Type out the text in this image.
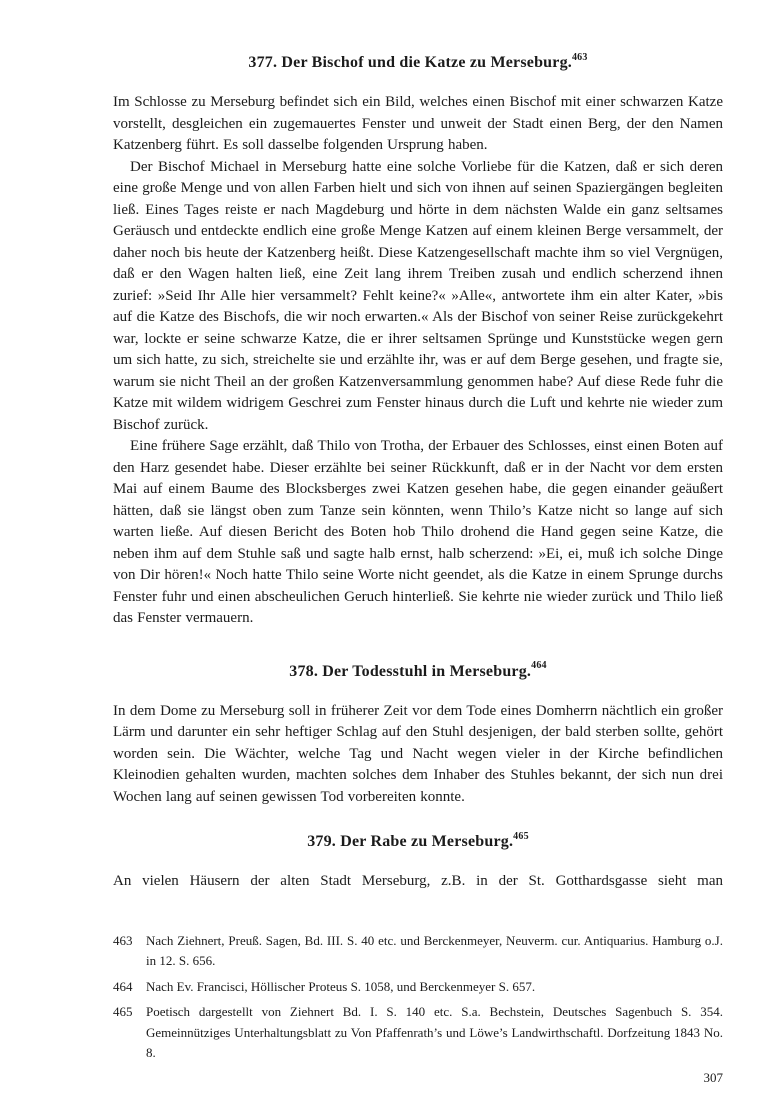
377. Der Bischof und die Katze zu Merseburg.$^{463}$

Im Schlosse zu Merseburg befindet sich ein Bild, welches einen Bischof mit einer schwarzen Katze vorstellt, desgleichen ein zugemauertes Fenster und unweit der Stadt einen Berg, der den Namen Katzenberg führt. Es soll dasselbe folgenden Ursprung haben.

Der Bischof Michael in Merseburg hatte eine solche Vorliebe für die Katzen, daß er sich deren eine große Menge und von allen Farben hielt und sich von ihnen auf seinen Spaziergängen begleiten ließ. Eines Tages reiste er nach Magdeburg und hörte in dem nächsten Walde ein ganz seltsames Geräusch und entdeckte endlich eine große Menge Katzen auf einem kleinen Berge versammelt, der daher noch bis heute der Katzenberg heißt. Diese Katzengesellschaft machte ihm so viel Vergnügen, daß er den Wagen halten ließ, eine Zeit lang ihrem Treiben zusah und endlich scherzend ihnen zurief: »Seid Ihr Alle hier versammelt? Fehlt keine?« »Alle«, antwortete ihm ein alter Kater, »bis auf die Katze des Bischofs, die wir noch erwarten.« Als der Bischof von seiner Reise zurückgekehrt war, lockte er seine schwarze Katze, die er ihrer seltsamen Sprünge und Kunststücke wegen gern um sich hatte, zu sich, streichelte sie und erzählte ihr, was er auf dem Berge gesehen, und fragte sie, warum sie nicht Theil an der großen Katzenversammlung genommen habe? Auf diese Rede fuhr die Katze mit wildem widrigem Geschrei zum Fenster hinaus durch die Luft und kehrte nie wieder zum Bischof zurück.

Eine frühere Sage erzählt, daß Thilo von Trotha, der Erbauer des Schlosses, einst einen Boten auf den Harz gesendet habe. Dieser erzählte bei seiner Rückkunft, daß er in der Nacht vor dem ersten Mai auf einem Baume des Blocksberges zwei Katzen gesehen habe, die gegen einander geäußert hätten, daß sie längst oben zum Tanze sein könnten, wenn Thilo’s Katze nicht so lange auf sich warten ließe. Auf diesen Bericht des Boten hob Thilo drohend die Hand gegen seine Katze, die neben ihm auf dem Stuhle saß und sagte halb ernst, halb scherzend: »Ei, ei, muß ich solche Dinge von Dir hören!« Noch hatte Thilo seine Worte nicht geendet, als die Katze in einem Sprunge durchs Fenster fuhr und einen abscheulichen Geruch hinterließ. Sie kehrte nie wieder zurück und Thilo ließ das Fenster vermauern.

378. Der Todesstuhl in Merseburg.$^{464}$

In dem Dome zu Merseburg soll in früherer Zeit vor dem Tode eines Domherrn nächtlich ein großer Lärm und darunter ein sehr heftiger Schlag auf den Stuhl desjenigen, der bald sterben sollte, gehört worden sein. Die Wächter, welche Tag und Nacht wegen vieler in der Kirche befindlichen Kleinodien gehalten wurden, machten solches dem Inhaber des Stuhles bekannt, der sich nun drei Wochen lang auf seinen gewissen Tod vorbereiten konnte.

379. Der Rabe zu Merseburg.$^{465}$

An vielen Häusern der alten Stadt Merseburg, z.B. in der St. Gotthardsgasse sieht man

463	Nach Ziehnert, Preuß. Sagen, Bd. III. S. 40 etc. und Berckenmeyer, Neuverm. cur. Antiquarius. Hamburg o.J. in 12. S. 656.
464	Nach Ev. Francisci, Höllischer Proteus S. 1058, und Berckenmeyer S. 657.
465	Poetisch dargestellt von Ziehnert Bd. I. S. 140 etc. S.a. Bechstein, Deutsches Sagenbuch S. 354. Gemeinnütziges Unterhaltungsblatt zu Von Pfaffenrath’s und Löwe’s Landwirthschaftl. Dorfzeitung 1843 No. 8.
307
